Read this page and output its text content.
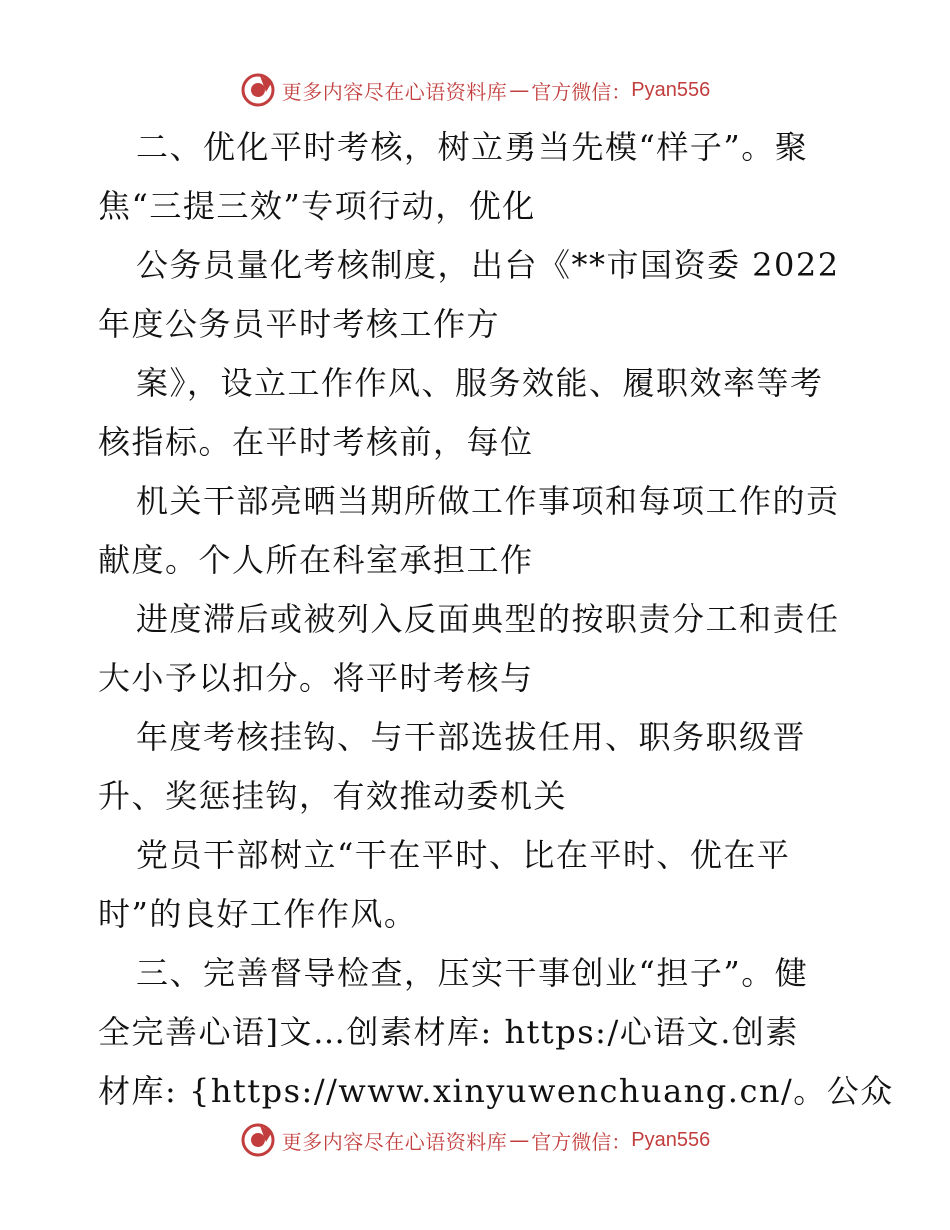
更多内容尽在心语资料库 — 官方微信： Pyan556
二、优化平时考核，树立勇当先模“样子”。聚
焦“三提三效”专项行动，优化
公务员量化考核制度，出台《**市国资委 2022
年度公务员平时考核工作方
案》，设立工作作风、服务效能、履职效率等考
核指标。在平时考核前，每位
机关干部亮晒当期所做工作事项和每项工作的贡
献度。个人所在科室承担工作
进度滞后或被列入反面典型的按职责分工和责任
大小予以扣分。将平时考核与
年度考核挂钩、与干部选拔任用、职务职级晋
升、奖惩挂钩，有效推动委机关
党员干部树立“干在平时、比在平时、优在平
时”的良好工作作风。
三、完善督导检查，压实干事创业“担子”。健
全完善心语]文…创素材库: https:/心语文.创素
材库: {https://www.xinyuwenchuang.cn/。公众
更多内容尽在心语资料库 — 官方微信： Pyan556
